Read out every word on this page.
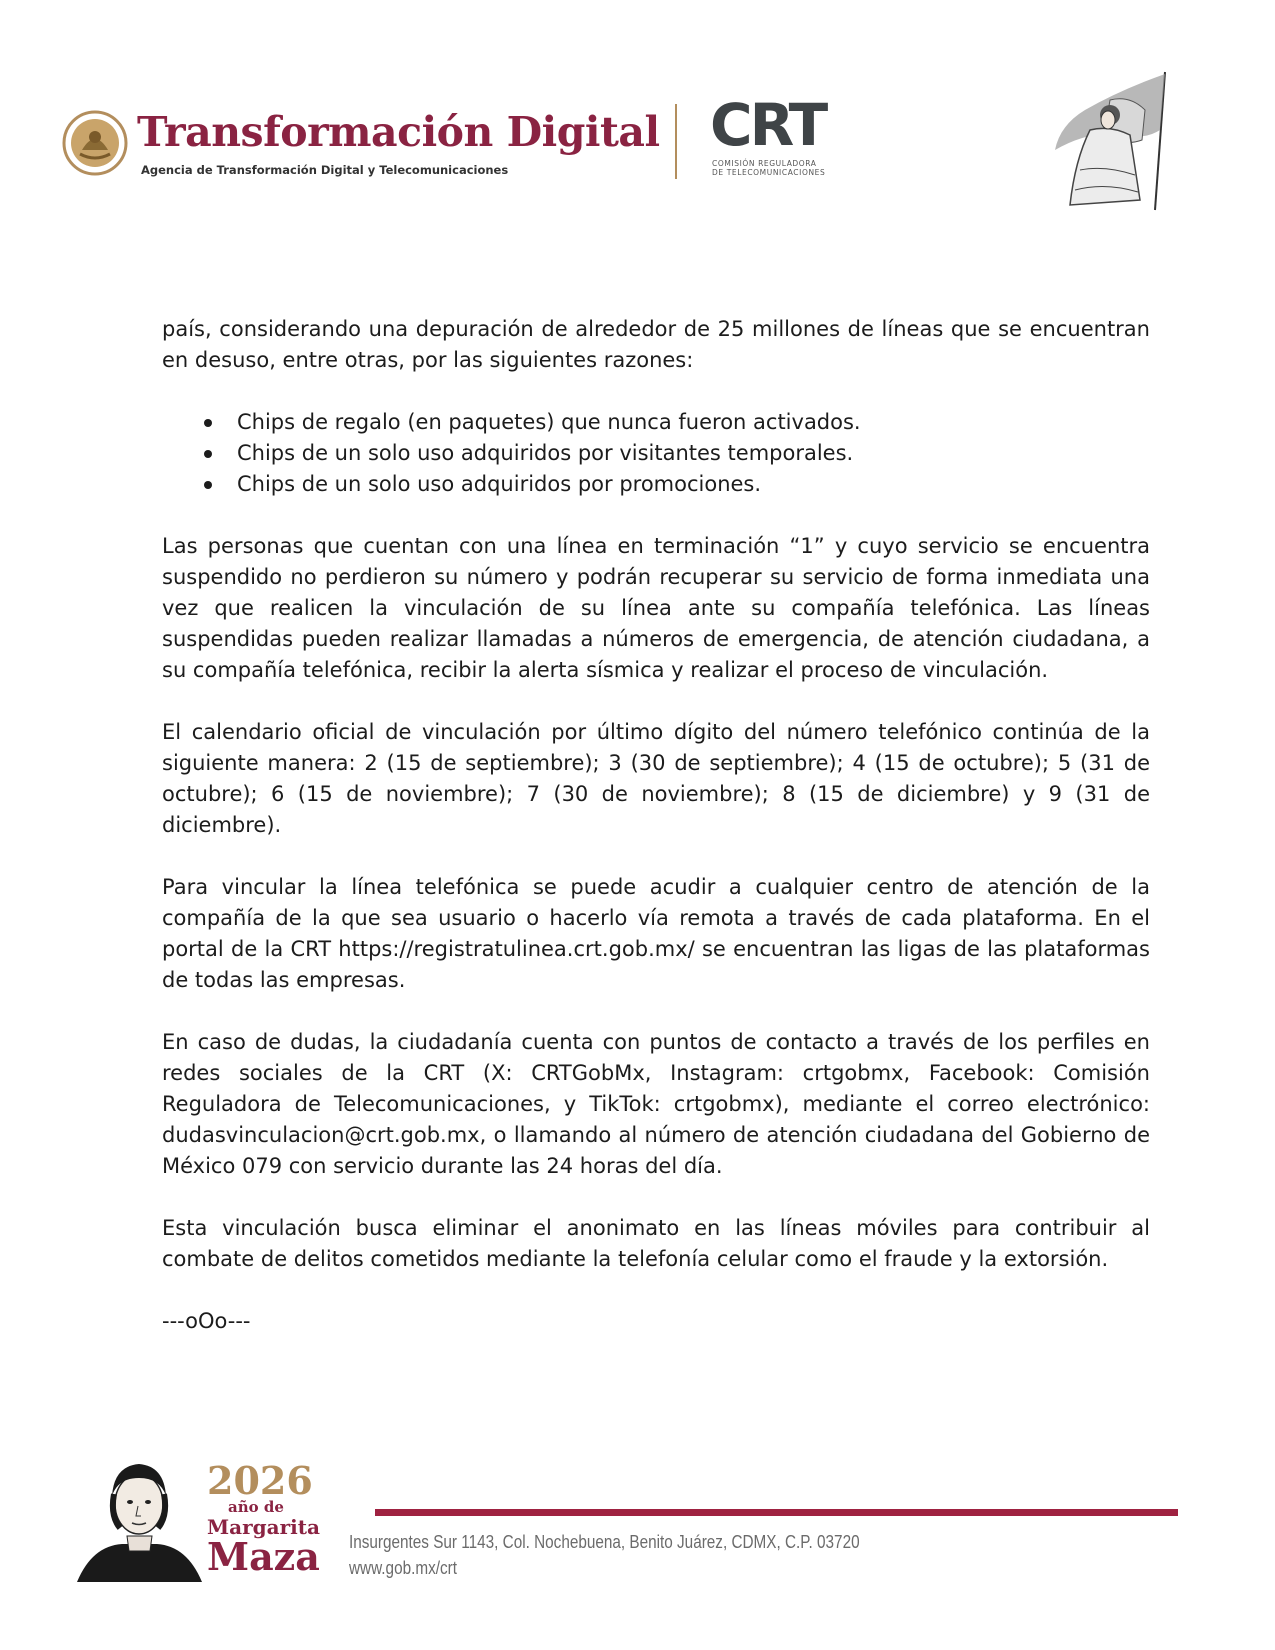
Transformación Digital
Agencia de Transformación Digital y Telecomunicaciones
CRT
COMISIÓN REGULADORA
DE TELECOMUNICACIONES

país, considerando una depuración de alrededor de 25 millones de líneas que se encuentran en desuso, entre otras, por las siguientes razones:

Chips de regalo (en paquetes) que nunca fueron activados.
Chips de un solo uso adquiridos por visitantes temporales.
Chips de un solo uso adquiridos por promociones.

Las personas que cuentan con una línea en terminación “1” y cuyo servicio se encuentra suspendido no perdieron su número y podrán recuperar su servicio de forma inmediata una vez que realicen la vinculación de su línea ante su compañía telefónica. Las líneas suspendidas pueden realizar llamadas a números de emergencia, de atención ciudadana, a su compañía telefónica, recibir la alerta sísmica y realizar el proceso de vinculación.

El calendario oficial de vinculación por último dígito del número telefónico continúa de la siguiente manera: 2 (15 de septiembre); 3 (30 de septiembre); 4 (15 de octubre); 5 (31 de octubre); 6 (15 de noviembre); 7 (30 de noviembre); 8 (15 de diciembre) y 9 (31 de diciembre).

Para vincular la línea telefónica se puede acudir a cualquier centro de atención de la compañía de la que sea usuario o hacerlo vía remota a través de cada plataforma. En el portal de la CRT https://registratulinea.crt.gob.mx/ se encuentran las ligas de las plataformas de todas las empresas.

En caso de dudas, la ciudadanía cuenta con puntos de contacto a través de los perfiles en redes sociales de la CRT (X: CRTGobMx, Instagram: crtgobmx, Facebook: Comisión Reguladora de Telecomunicaciones, y TikTok: crtgobmx), mediante el correo electrónico: dudasvinculacion@crt.gob.mx, o llamando al número de atención ciudadana del Gobierno de México 079 con servicio durante las 24 horas del día.

Esta vinculación busca eliminar el anonimato en las líneas móviles para contribuir al combate de delitos cometidos mediante la telefonía celular como el fraude y la extorsión.

---oOo---

2026
año de
Margarita
Maza Insurgentes Sur 1143, Col. Nochebuena, Benito Juárez, CDMX, C.P. 03720
www.gob.mx/crt
